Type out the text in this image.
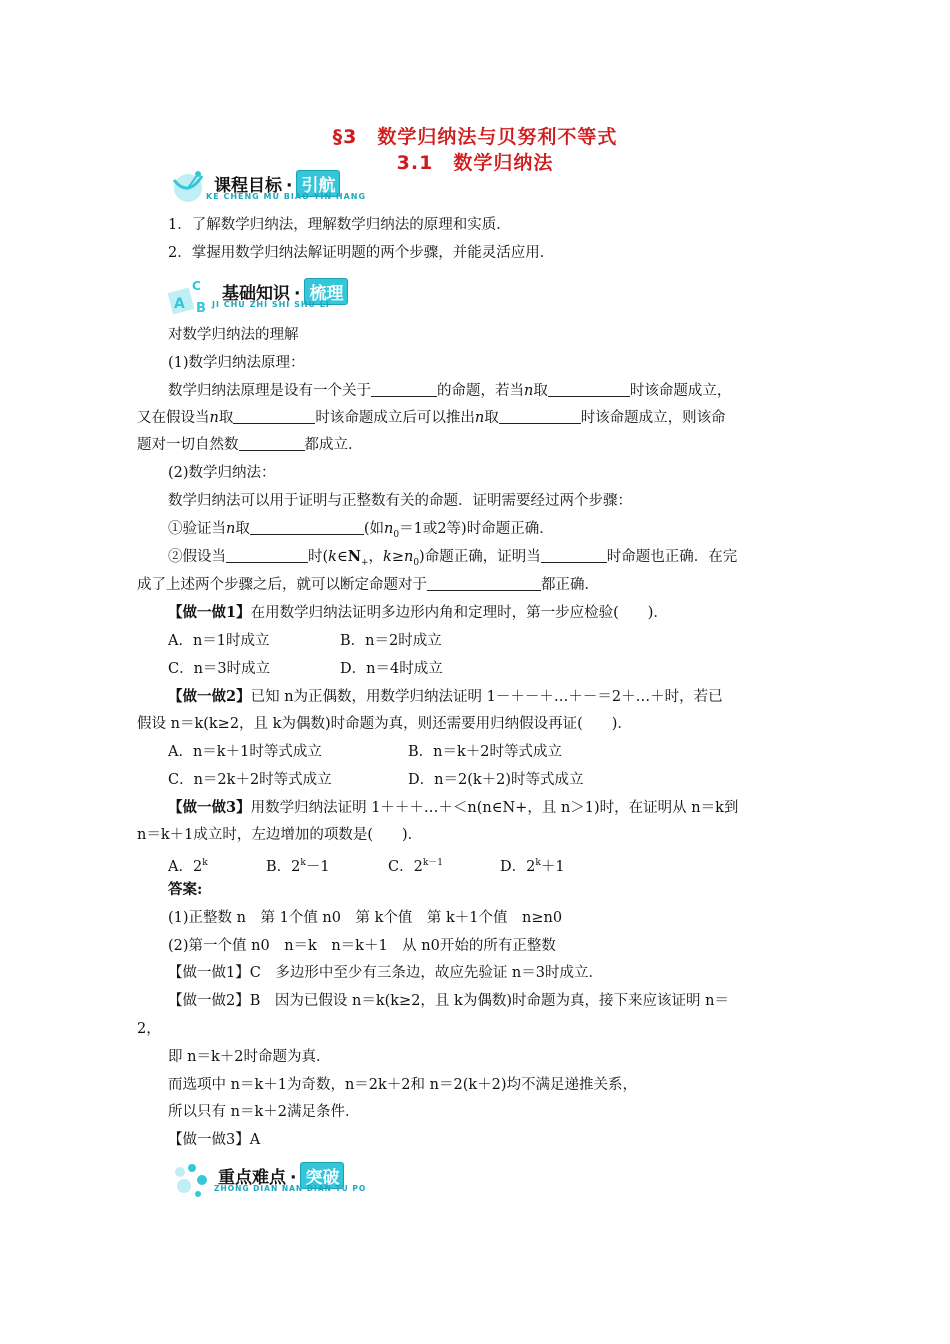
§3　数学归纳法与贝努利不等式
3.1　数学归纳法
课程目标 · 引航
KE CHENG MU BIAO YIN HANG
1．了解数学归纳法，理解数学归纳法的原理和实质．
2．掌握用数学归纳法解证明题的两个步骤，并能灵活应用．
A
C
B
基础知识 · 梳理
JI CHU ZHI SHI SHU LI
对数学归纳法的理解
(1)数学归纳法原理：
数学归纳法原理是设有一个关于	的命题，若当n取	时该命题成立，
又在假设当n取	时该命题成立后可以推出n取	时该命题成立，则该命
题对一切自然数	都成立．
(2)数学归纳法：
数学归纳法可以用于证明与正整数有关的命题．证明需要经过两个步骤：
①验证当n取	(如$n_0=1$或2等)时命题正确．
②假设当	时($k\in N_+$，$k\ge n_0$)命题正确，证明当	时命题也正确．在完
成了上述两个步骤之后，就可以断定命题对于	都正确．
【做一做1】在用数学归纳法证明多边形内角和定理时，第一步应检验(　　)．
A．n＝1时成立	B．n＝2时成立
C．n＝3时成立	D．n＝4时成立
【做一做2】已知 n为正偶数，用数学归纳法证明 1－＋－＋…＋－＝2＋…＋时，若已
假设 n＝k(k≥2，且 k为偶数)时命题为真，则还需要用归纳假设再证(　　)．
A．n＝k＋1时等式成立	B．n＝k＋2时等式成立
C．n＝2k＋2时等式成立	D．n＝2(k＋2)时等式成立
【做一做3】用数学归纳法证明 1＋＋＋…＋＜n(n∈N+，且 n＞1)时，在证明从 n＝k到
n＝k＋1成立时，左边增加的项数是(　　)．
A．2$^k$	B．$2^k-1$	C．$2^{k-1}$	D．$2^k+1$
答案:
(1)正整数 n　第 1个值 n0　第 k个值　第 k＋1个值　n≥n0
(2)第一个值 n0　n＝k　n＝k＋1　从 n0开始的所有正整数
【做一做1】C　多边形中至少有三条边，故应先验证 n＝3时成立．
【做一做2】B　因为已假设 n＝k(k≥2，且 k为偶数)时命题为真，接下来应该证明 n＝
2，
即 n＝k＋2时命题为真．
而选项中 n＝k＋1为奇数，n＝2k＋2和 n＝2(k＋2)均不满足递推关系，
所以只有 n＝k＋2满足条件．
【做一做3】A
重点难点 · 突破
ZHONG DIAN NAN DIAN TU PO
